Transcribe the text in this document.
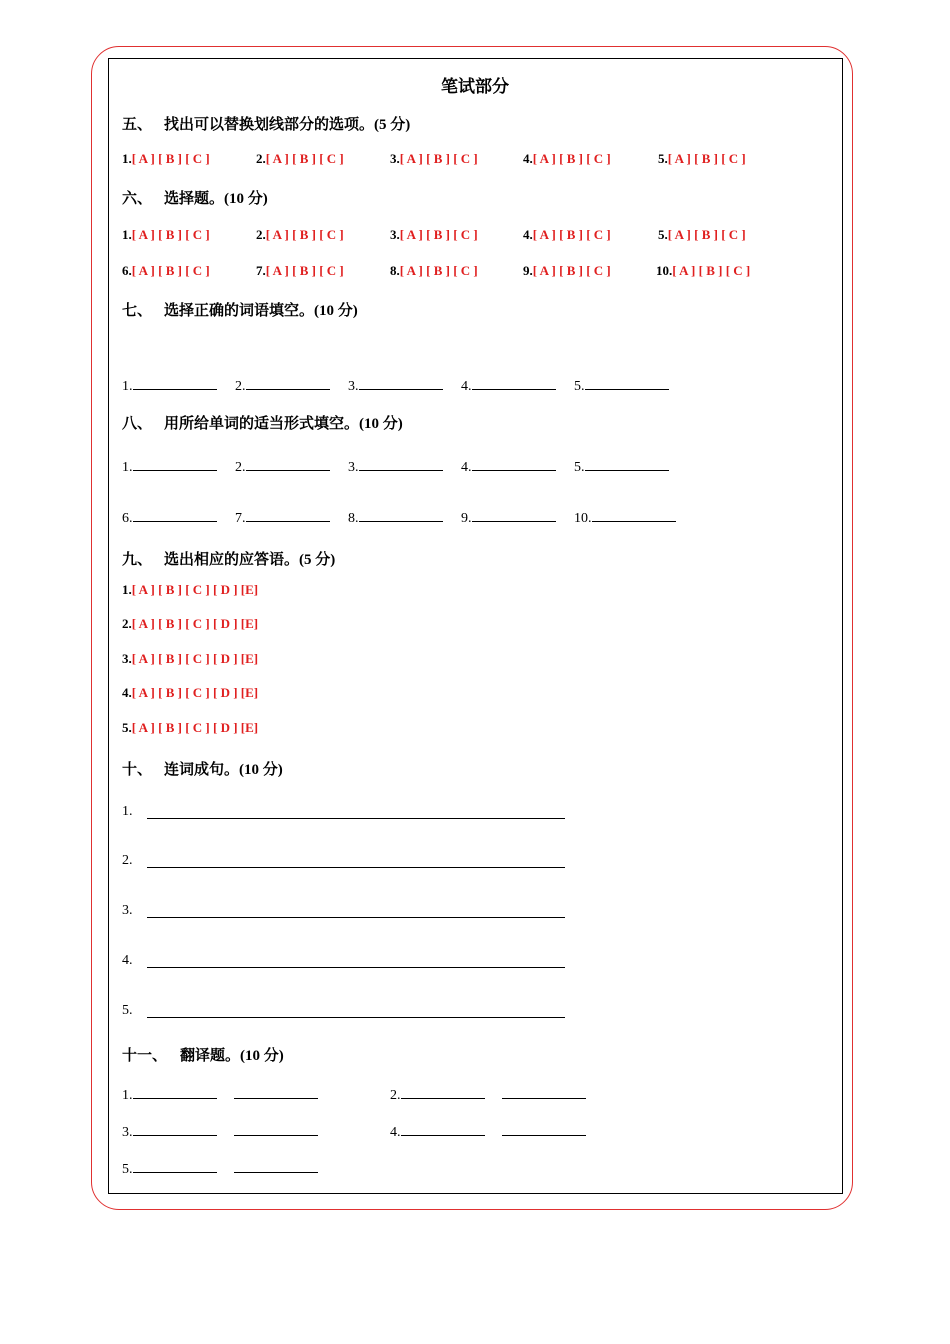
笔试部分
五、 找出可以替换划线部分的选项。(5 分)
1.[ A ] [ B ] [ C ]	2.[ A ] [ B ] [ C ]	3.[ A ] [ B ] [ C ]	4.[ A ] [ B ] [ C ]	5.[ A ] [ B ] [ C ]
六、 选择题。(10 分)
1.[ A ] [ B ] [ C ]	2.[ A ] [ B ] [ C ]	3.[ A ] [ B ] [ C ]	4.[ A ] [ B ] [ C ]	5.[ A ] [ B ] [ C ]
6.[ A ] [ B ] [ C ]	7.[ A ] [ B ] [ C ]	8.[ A ] [ B ] [ C ]	9.[ A ] [ B ] [ C ]	10.[ A ] [ B ] [ C ]
七、 选择正确的词语填空。(10 分)
1.	2.	3.	4.	5.
八、 用所给单词的适当形式填空。(10 分)
1.	2.	3.	4.	5.
6.	7.	8.	9.	10.
九、 选出相应的应答语。(5 分)
1.[ A ] [ B ] [ C ] [ D ] [E]
2.[ A ] [ B ] [ C ] [ D ] [E]
3.[ A ] [ B ] [ C ] [ D ] [E]
4.[ A ] [ B ] [ C ] [ D ] [E]
5.[ A ] [ B ] [ C ] [ D ] [E]
十、 连词成句。(10 分)
1.
2.
3.
4.
5.
十一、 翻译题。(10 分)
1.	2.
3.	4.
5.
